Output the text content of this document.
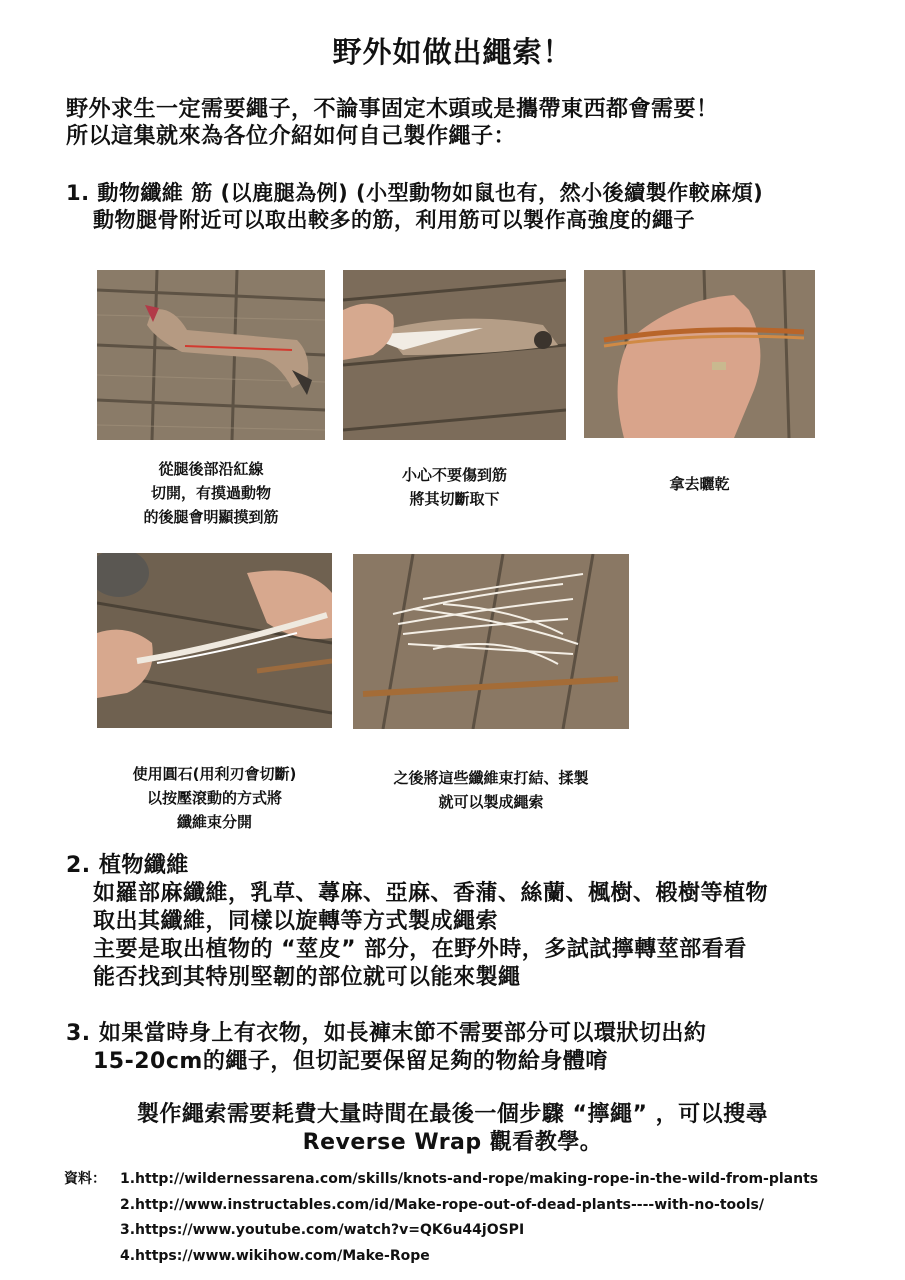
野外如做出繩索！
野外求生一定需要繩子，不論事固定木頭或是攜帶東西都會需要！
所以這集就來為各位介紹如何自己製作繩子：
1. 動物纖維 筋 (以鹿腿為例) (小型動物如鼠也有，然小後續製作較麻煩)
動物腿骨附近可以取出較多的筋，利用筋可以製作高強度的繩子
從腿後部沿紅線
切開，有摸過動物
的後腿會明顯摸到筋
小心不要傷到筋
將其切斷取下
拿去曬乾
使用圓石(用利刃會切斷)
以按壓滾動的方式將
纖維束分開
之後將這些纖維束打結、揉製
就可以製成繩索
2. 植物纖維
如羅部麻纖維，乳草、蕁麻、亞麻、香蒲、絲蘭、楓樹、椴樹等植物
取出其纖維，同樣以旋轉等方式製成繩索
主要是取出植物的 “莖皮” 部分，在野外時，多試試擰轉莖部看看
能否找到其特別堅韌的部位就可以能來製繩
3. 如果當時身上有衣物，如長褲末節不需要部分可以環狀切出約
15-20cm的繩子，但切記要保留足夠的物給身體唷
製作繩索需要耗費大量時間在最後一個步驟 “擰繩” ，可以搜尋
Reverse Wrap 觀看教學。
資料： 1.http://wildernessarena.com/skills/knots-and-rope/making-rope-in-the-wild-from-plants
2.http://www.instructables.com/id/Make-rope-out-of-dead-plants----with-no-tools/
3.https://www.youtube.com/watch?v=QK6u44jOSPI
4.https://www.wikihow.com/Make-Rope
